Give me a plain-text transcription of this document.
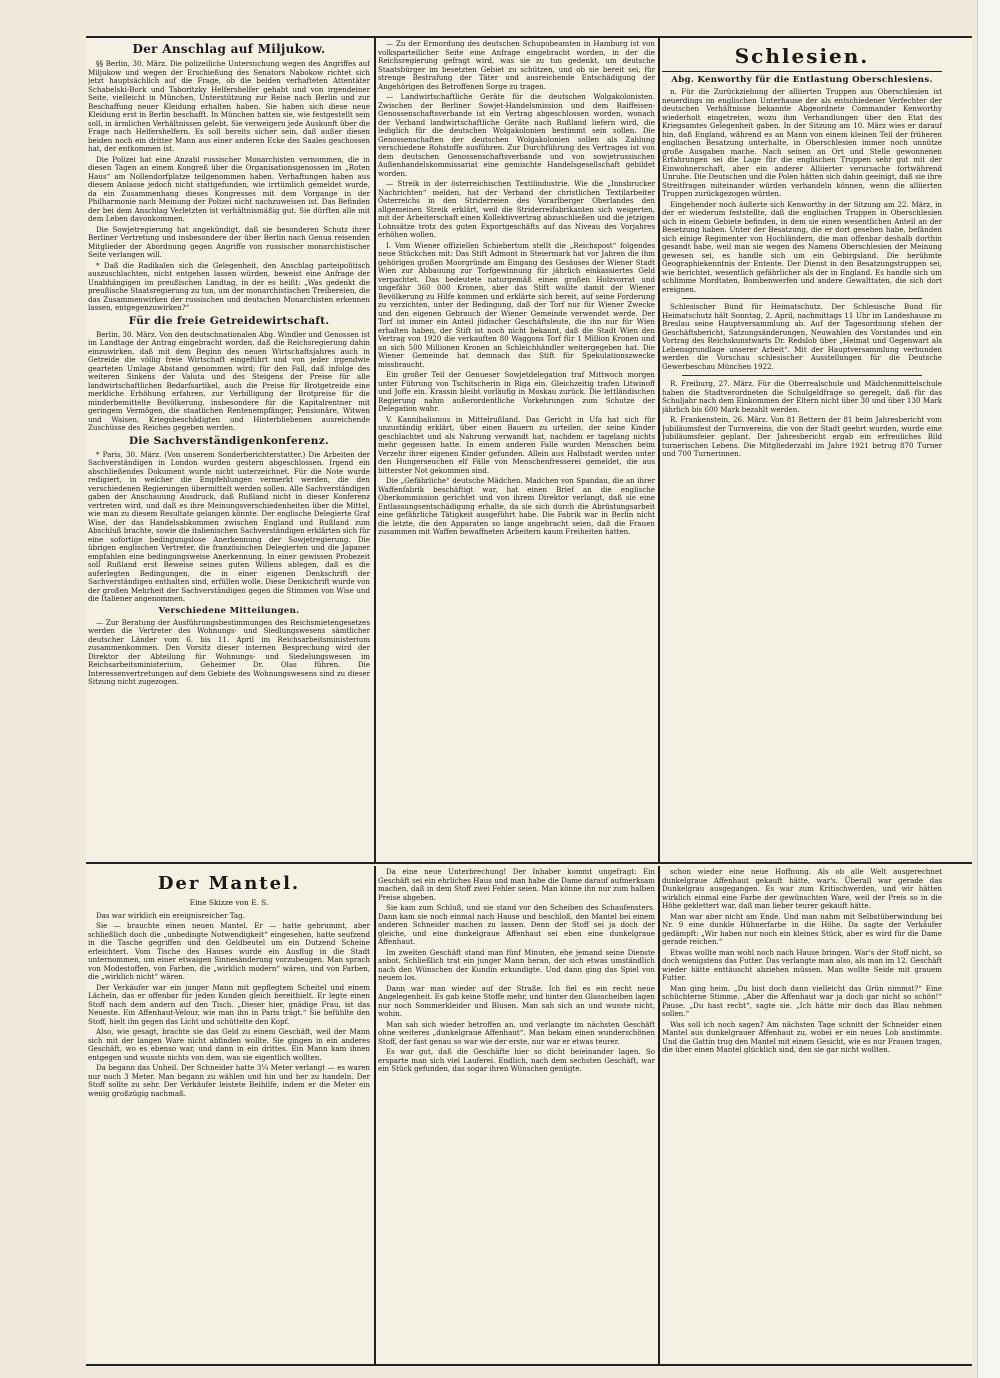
Der Anschlag auf Miljukow.

§§ Berlin, 30. März. Die polizeiliche Untersuchung wegen des Angriffes auf Miljukow und wegen der Erschießung des Senators Nabokow richtet sich jetzt hauptsächlich auf die Frage, ob die beiden verhafteten Attentäter Schabelski-Bork und Taboritzky Helfershelfer gehabt und von irgendeiner Seite, vielleicht in München, Unterstützung zur Reise nach Berlin und zur Beschaffung neuer Kleidung erhalten haben. Sie haben sich diese neue Kleidung erst in Berlin beschafft. In München hatten sie, wie festgestellt sein soll, in ärmlichen Verhältnissen gelebt. Sie verweigern jede Auskunft über die Frage nach Helfershelfern. Es soll bereits sicher sein, daß außer diesen beiden noch ein dritter Mann aus einer anderen Ecke des Saales geschossen hat, der entkommen ist.

Die Polizei hat eine Anzahl russischer Monarchisten vernommen, die in diesen Tagen an einem Kongreß über die Organisationsgenossen im „Roten Haus“ am Nollendorfplatze teilgenommen haben. Verhaftungen haben aus diesem Anlasse jedoch nicht stattgefunden, wie irrtümlich gemeldet wurde, da ein Zusammenhang dieses Kongresses mit dem Vorgange in der Philharmonie nach Meinung der Polizei nicht nachzuweisen ist. Das Befinden der bei dem Anschlag Verletzten ist verhältnismäßig gut. Sie dürften alle mit dem Leben davonkommen.

Die Sowjetregierung hat angekündigt, daß sie besonderen Schutz ihrer Berliner Vertretung und insbesondere der über Berlin nach Genua reisenden Mitglieder der Abordnung gegen Angriffe von russischer monarchistischer Seite verlangen will.

* Daß die Radikalen sich die Gelegenheit, den Anschlag parteipolitisch auszuschlachten, nicht entgehen lassen würden, beweist eine Anfrage der Unabhängigen im preußischen Landtag, in der es heißt: „Was gedenkt die preußische Staatsregierung zu tun, um der monarchistischen Treibereien, die das Zusammenwirken der russischen und deutschen Monarchisten erkennen lassen, entgegenzuwirken?“

Für die freie Getreidewirtschaft.

Berlin, 30. März. Von den deutschnationalen Abg. Windler und Genossen ist im Landtage der Antrag eingebracht worden, daß die Reichsregierung dahin einzuwirken, daß mit dem Beginn des neuen Wirtschaftsjahres auch in Getreide die völlig freie Wirtschaft eingeführt und von jeder irgendwie gearteten Umlage Abstand genommen wird; für den Fall, daß infolge des weiteren Sinkens der Valuta und des Steigens der Preise für alle landwirtschaftlichen Bedarfsartikel, auch die Preise für Brotgetreide eine merkliche Erhöhung erfahren, zur Verbilligung der Brotpreise für die minderbemittelte Bevölkerung, insbesondere für die Kapitalrentner mit geringem Vermögen, die staatlichen Rentenempfänger, Pensionäre, Witwen und Waisen, Kriegsbeschädigten und Hinterbliebenen ausreichende Zuschüsse des Reiches gegeben werden.

Die Sachverständigenkonferenz.

* Paris, 30. März. (Von unserem Sonderberichterstatter.) Die Arbeiten der Sachverständigen in London wurden gestern abgeschlossen. Irgend ein abschließendes Dokument wurde nicht unterzeichnet. Für die Note wurde redigiert, in welcher die Empfehlungen vermerkt werden, die den verschiedenen Regierungen übermittelt werden sollen. Alle Sachverständigen gaben der Anschauung Ausdruck, daß Rußland nicht in dieser Konferenz vertreten wird, und daß es ihre Meinungsverschiedenheiten über die Mittel, wie man zu diesem Resultate gelangen könnte. Der englische Delegierte Graf Wise, der das Handelsabkommen zwischen England und Rußland zum Abschluß brachte, sowie die italienischen Sachverständigen erklärten sich für eine sofortige bedingungslose Anerkennung der Sowjetregierung. Die übrigen englischen Vertreter, die französischen Delegierten und die Japaner empfahlen eine bedingungsweise Anerkennung. In einer gewissen Probezeit soll Rußland erst Beweise seines guten Willens ablegen, daß es die auferlegten Bedingungen, die in einer eigenen Denkschrift der Sachverständigen enthalten sind, erfüllen wolle. Diese Denkschrift wurde von der großen Mehrheit der Sachverständigen gegen die Stimmen von Wise und die Italiener angenommen.

Verschiedene Mitteilungen.

— Zur Beratung der Ausführungsbestimmungen des Reichsmietengesetzes werden die Vertreter des Wohnungs- und Siedlungswesens sämtlicher deutscher Länder vom 6. bis 11. April im Reichsarbeitsministerium zusammenkommen. Den Vorsitz dieser internen Besprechung wird der Direktor der Abteilung für Wohnungs- und Siedelungswesen im Reichsarbeitsministerium, Geheimer Dr. Olas führen. Die Interessenvertretungen auf dem Gebiete des Wohnungswesens sind zu dieser Sitzung nicht zugezogen.

— Zu der Ermordung des deutschen Schupobeamten in Hamburg ist von volksparteilicher Seite eine Anfrage eingebracht worden, in der die Reichsregierung gefragt wird, was sie zu tun gedenkt, um deutsche Staatsbürger im besetzten Gebiet zu schützen, und ob sie bereit sei, für strenge Bestrafung der Täter und ausreichende Entschädigung der Angehörigen des Betroffenen Sorge zu tragen.

— Landwirtschaftliche Geräte für die deutschen Wolgakolonisten. Zwischen der Berliner Sowjet-Handelsmission und dem Raiffeisen-Genossenschaftsverbande ist ein Vertrag abgeschlossen worden, wonach der Verband landwirtschaftliche Geräte nach Rußland liefern wird, die lediglich für die deutschen Wolgakolonien bestimmt sein sollen. Die Genossenschaften der deutschen Wolgakolonien sollen als Zahlung verschiedene Rohstoffe ausführen. Zur Durchführung des Vertrages ist von dem deutschen Genossenschaftsverbande und von sowjetrussischen Außenhandelskommissariat eine gemischte Handelsgesellschaft gebildet worden.

— Streik in der österreichischen Textilindustrie. Wie die „Innsbrucker Nachrichten“ melden, hat der Verband der christlichen Textilarbeiter Österreichs in den Striderreien des Vorarlberger Oberlandes den allgemeinen Streik erklärt, weil die Striderreifabrikanten sich weigerten, mit der Arbeiterschaft einen Kollektivvertrag abzuschließen und die jetzigen Lohnsätze trotz des guten Exportgeschäfts auf das Niveau des Vorjahres erhöhen wollen.

I. Vom Wiener offiziellen Schiebertum stellt die „Reichspost“ folgendes neue Stückchen mit: Das Stift Admont in Steiermark hat vor Jahren die ihm gehörigen großen Moorgründe am Eingang des Gesäuses der Wiener Stadt Wien zur Abbauung zur Torfgewinnung für jährlich einkassiertes Geld verpachtet. Das bedeutete naturgemäß einen großen Holzvorrat und ungefähr 360 000 Kronen, aber das Stift wollte damit der Wiener Bevölkerung zu Hilfe kommen und erklärte sich bereit, auf seine Forderung zu verzichten, unter der Bedingung, daß der Torf nur für Wiener Zwecke und den eigenen Gebrauch der Wiener Gemeinde verwendet werde. Der Torf ist immer ein Anteil jüdischer Geschäftsleute, die ihn nur für Wien erhalten haben, der Stift ist noch nicht bekannt, daß die Stadt Wien den Vertrag von 1920 die verkauften 80 Waggons Torf für 1 Million Kronen und an sich 500 Millionen Kronen an Schleichhändler weitergegeben hat. Die Wiener Gemeinde hat demnach das Stift für Spekulationszwecke missbraucht.

Ein großer Teil der Genueser Sowjetdelegation traf Mittwoch morgen unter Führung von Tschitscherin in Riga ein. Gleichzeitig trafen Litwinoff und Joffe ein. Krassin bleibt vorläufig in Moskau zurück. Die lettländischen Regierung nahm außerordentliche Vorkehrungen zum Schutze der Delegation wahr.

V. Kannibalismus in Mittelrußland. Das Gericht in Ufa hat sich für unzuständig erklärt, über einen Bauern zu urteilen, der seine Kinder geschlachtet und als Nahrung verwandt hat, nachdem er tagelang nichts mehr gegessen hatte. In einem anderen Falle wurden Menschen beim Verzehr ihrer eigenen Kinder gefunden. Allein aus Halbstadt werden unter den Hungerseuchen elf Fälle von Menschenfresserei gemeldet, die aus bitterster Not gekommen sind.

Die „Gefährliche“ deutsche Mädchen. Madchen von Spandau, die an ihrer Waffenfabrik beschäftigt war, hat einen Brief an die englische Oberkommission gerichtet und von ihrem Direktor verlangt, daß sie eine Entlassungsentschädigung erhalte, da sie sich durch die Abrüstungsarbeit eine gefährliche Tätigkeit ausgeführt habe. Die Fabrik war in Berlin nicht die letzte, die den Apparaten so lange angebracht seien, daß die Frauen zusammen mit Waffen bewaffneten Arbeitern kaum Freiheiten hatten.

Schlesien.
Abg. Kenworthy für die Entlastung Oberschlesiens.

n. Für die Zurückziehung der alliierten Truppen aus Oberschlesien ist neuerdings im englischen Unterhause der als entschiedener Verfechter der deutschen Verhältnisse bekannte Abgeordnete Commander Kenworthy wiederholt eingetreten, wozu ihm Verhandlungen über den Etat des Kriegsamtes Gelegenheit gaben. In der Sitzung am 10. März wies er darauf hin, daß England, während es an Mann von einem kleinen Teil der früheren englischen Besatzung unterhalte, in Oberschlesien immer noch unnütze große Ausgaben mache. Nach seinen an Ort und Stelle gewonnenen Erfahrungen sei die Lage für die englischen Truppen sehr gut mit der Einwohnerschaft, aber ein anderer Alliierter verursache fortwährend Unruhe. Die Deutschen und die Polen hätten sich dahin geeinigt, daß sie ihre Streitfragen miteinander würden verhandeln können, wenn die alliierten Truppen zurückgezogen würden.

Eingehender noch äußerte sich Kenworthy in der Sitzung am 22. März, in der er wiederum feststellte, daß die englischen Truppen in Oberschlesien sich in einem Gebiete befinden, in dem sie einen wesentlichen Anteil an der Besetzung haben. Unter der Besatzung, die er dort gesehen habe, befänden sich einige Regimenter von Hochländern, die man offenbar deshalb dorthin gesandt habe, weil man sie wegen des Namens Oberschlesien der Meinung gewesen sei, es handle sich um ein Gebirgsland. Die berühmte Geographiekenntnis der Entente. Der Dienst in den Besatzungstruppen sei, wie berichtet, wesentlich gefährlicher als der in England. Es handle sich um schlimme Mordtaten, Bombenwerfen und andere Gewalttaten, die sich dort ereignen.

Schlesischer Bund für Heimatschutz. Der Schlesische Bund für Heimatschutz hält Sonntag, 2. April, nachmittags 11 Uhr im Landeshause zu Breslau seine Hauptversammlung ab. Auf der Tagesordnung stehen der Geschäftsbericht, Satzungsänderungen, Neuwahlen des Vorstandes und ein Vortrag des Reichskunstwarts Dr. Redslob über „Heimat und Gegenwart als Lebensgrundlage unserer Arbeit“. Mit der Hauptversammlung verbunden werden die Vorschau schlesischer Ausstellungen für die Deutsche Gewerbeschau München 1922.

R. Freiburg, 27. März. Für die Oberrealschule und Mädchenmittelschule haben die Stadtverordneten die Schulgeldfrage so geregelt, daß für das Schuljahr nach dem Einkommen der Eltern nicht über 30 und über 130 Mark jährlich bis 600 Mark bezahlt werden.

R. Frankenstein, 26. März. Von 81 Bettern der 81 beim Jahresbericht vom Jubiläumsfest der Turnvereins, die von der Stadt geehrt wurden, wurde eine Jubiläumsfeier geplant. Der Jahresbericht ergab ein erfreuliches Bild turnerischen Lebens. Die Mitgliederzahl im Jahre 1921 betrug 870 Turner und 700 Turnerinnen.

Der Mantel.
Eine Skizze von E. S.

Das war wirklich ein ereignisreicher Tag.

Sie — brauchte einen neuen Mantel. Er — hatte gebrummt, aber schließlich doch die „unbedingte Notwendigkeit“ eingesehen, hatte seufzend in die Tasche gegriffen und den Geldbeutel um ein Dutzend Scheine erleichtert. Vom Tische des Hauses wurde ein Ausflug in die Stadt unternommen, um einer etwaigen Sinnesänderung vorzubeugen. Man sprach von Modestoffen, von Farben, die „wirklich modern“ wären, und von Farben, die „wirklich nicht“ wären.

Der Verkäufer war ein junger Mann mit gepflegtem Scheitel und einem Lächeln, das er offenbar für jeden Kunden gleich bereithielt. Er legte einen Stoff nach dem andern auf den Tisch. „Dieser hier, gnädige Frau, ist das Neueste. Ein Affenhaut-Velour, wie man ihn in Paris trägt.“ Sie befühlte den Stoff, hielt ihn gegen das Licht und schüttelte den Kopf.

Also, wie gesagt, brachte sie das Geld zu einem Geschäft, weil der Mann sich mit der langen Ware nicht abfinden wollte. Sie gingen in ein anderes Geschäft, wo es ebenso war, und dann in ein drittes. Ein Mann kam ihnen entgegen und wusste nichts von dem, was sie eigentlich wollten.

Da begann das Unheil. Der Schneider hatte 3¼ Meter verlangt — es waren nur noch 3 Meter. Man begann zu wählen und hin und her zu handeln. Der Stoff sollte zu sehr. Der Verkäufer leistete Beihilfe, indem er die Meter ein wenig großzügig nachmaß.

Da eine neue Unterbrechung! Der Inhaber kommt ungefragt: Ein Geschäft sei ein ehrliches Haus und man habe die Dame darauf aufmerksam machen, daß in dem Stoff zwei Fehler seien. Man könne ihn nur zum halben Preise abgeben.

Sie kam zum Schluß, und sie stand vor den Scheiben des Schaufensters. Dann kam sie noch einmal nach Hause und beschloß, den Mantel bei einem anderen Schneider machen zu lassen. Denn der Stoff sei ja doch der gleiche, und eine dunkelgraue Affenhaut sei eben eine dunkelgraue Affenhaut.

Im zweiten Geschäft stand man fünf Minuten, ehe jemand seine Dienste anbot. Schließlich trat ein junger Mann heran, der sich etwas umständlich nach den Wünschen der Kundin erkundigte. Und dann ging das Spiel von neuem los.

Dann war man wieder auf der Straße. Ich fiel es ein recht neue Angelegenheit. Es gab keine Stoffe mehr, und hinter den Glasscheiben lagen nur noch Sommerkleider und Blusen. Man sah sich an und wusste nicht, wohin.

Man sah sich wieder betroffen an, und verlangte im nächsten Geschäft ohne weiteres „dunkelgraue Affenhaut“. Man bekam einen wunderschönen Stoff, der fast genau so war wie der erste, nur war er etwas teurer.

Es war gut, daß die Geschäfte hier so dicht beieinander lagen. So ersparte man sich viel Lauferei. Endlich, nach dem sechsten Geschäft, war ein Stück gefunden, das sogar ihren Wünschen genügte.

schon wieder eine neue Hoffnung. Als ob alle Welt ausgerechnet dunkelgraue Affenhaut gekauft hätte, war's. Überall war gerade das Dunkelgrau ausgegangen. Es war zum Kritischwerden, und wir hätten wirklich einmal eine Farbe der gewünschten Ware, weil der Preis so in die Höhe geklettert war, daß man lieber teurer gekauft hätte.

Man war aber nicht am Ende. Und man nahm mit Selbstüberwindung bei Nr. 9 eine dunkle Hühnerfarbe in die Höhe. Da sagte der Verkäufer gedämpft: „Wir haben nur noch ein kleines Stück, aber es wird für die Dame gerade reichen.“

Etwas wollte man wohl noch nach Hause bringen. War's der Stoff nicht, so doch wenigstens das Futter. Das verlangte man also, als man im 12. Geschäft wieder hätte enttäuscht abziehen müssen. Man wollte Seide mit grauem Futter.

Man ging heim. „Du bist doch dann vielleicht das Grün nimmst?“ Eine schüchterne Stimme. „Aber die Affenhaut war ja doch gar nicht so schön!“ Pause. „Du hast recht“, sagte sie. „Ich hätte mir doch das Blau nehmen sollen.“

Was soll ich noch sagen? Am nächsten Tage schnitt der Schneider einen Mantel aus dunkelgrauer Affenhaut zu, wobei er ein neues Lob anstimmte. Und die Gattin trug den Mantel mit einem Gesicht, wie es nur Frauen tragen, die über einen Mantel glücklich sind, den sie gar nicht wollten.
